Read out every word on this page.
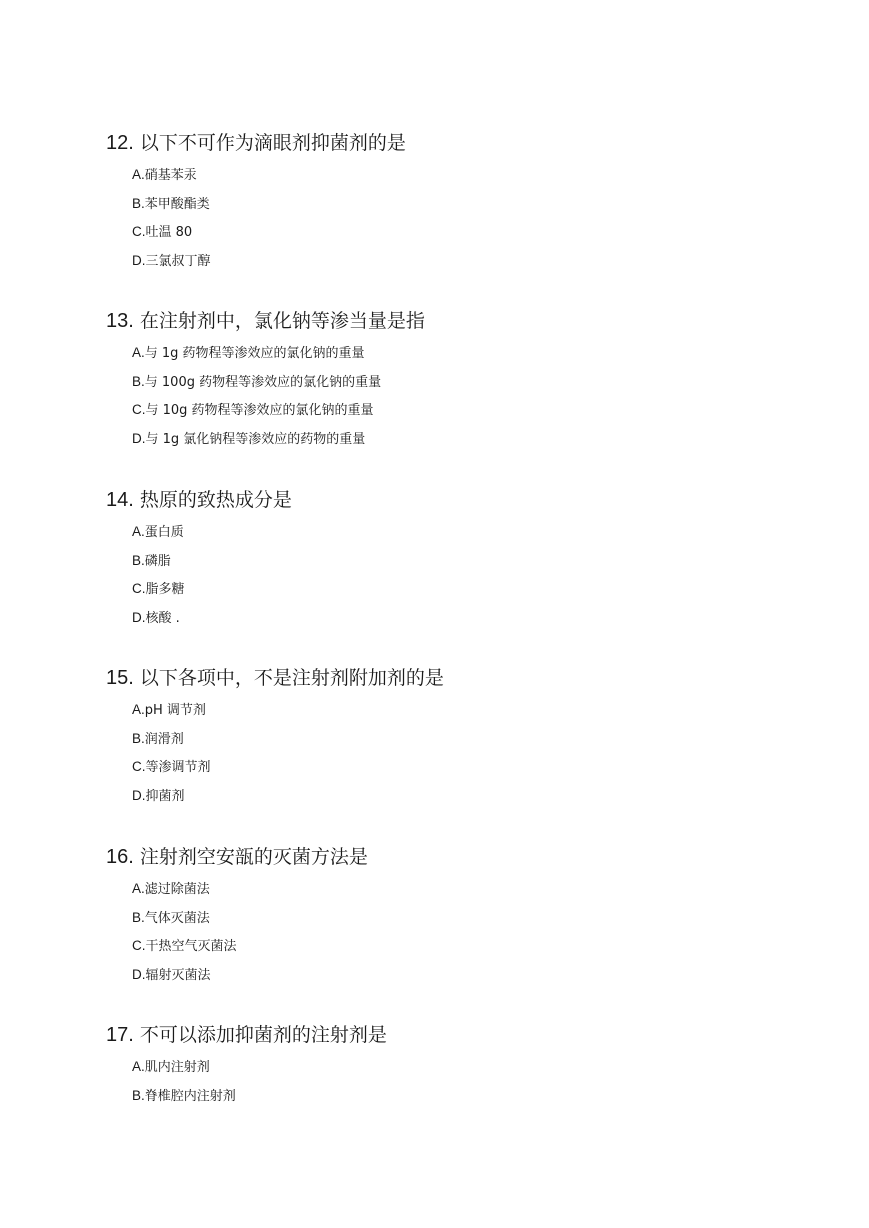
12. 以下不可作为滴眼剂抑菌剂的是
A.硝基苯汞
B.苯甲酸酯类
C.吐温 80
D.三氯叔丁醇
13. 在注射剂中，氯化钠等渗当量是指
A.与 1g 药物程等渗效应的氯化钠的重量
B.与 100g 药物程等渗效应的氯化钠的重量
C.与 10g 药物程等渗效应的氯化钠的重量
D.与 1g 氯化钠程等渗效应的药物的重量
14. 热原的致热成分是
A.蛋白质
B.磷脂
C.脂多糖
D.核酸 .
15. 以下各项中，不是注射剂附加剂的是
A.pH 调节剂
B.润滑剂
C.等渗调节剂
D.抑菌剂
16. 注射剂空安瓿的灭菌方法是
A.滤过除菌法
B.气体灭菌法
C.干热空气灭菌法
D.辐射灭菌法
17. 不可以添加抑菌剂的注射剂是
A.肌内注射剂
B.脊椎腔内注射剂
